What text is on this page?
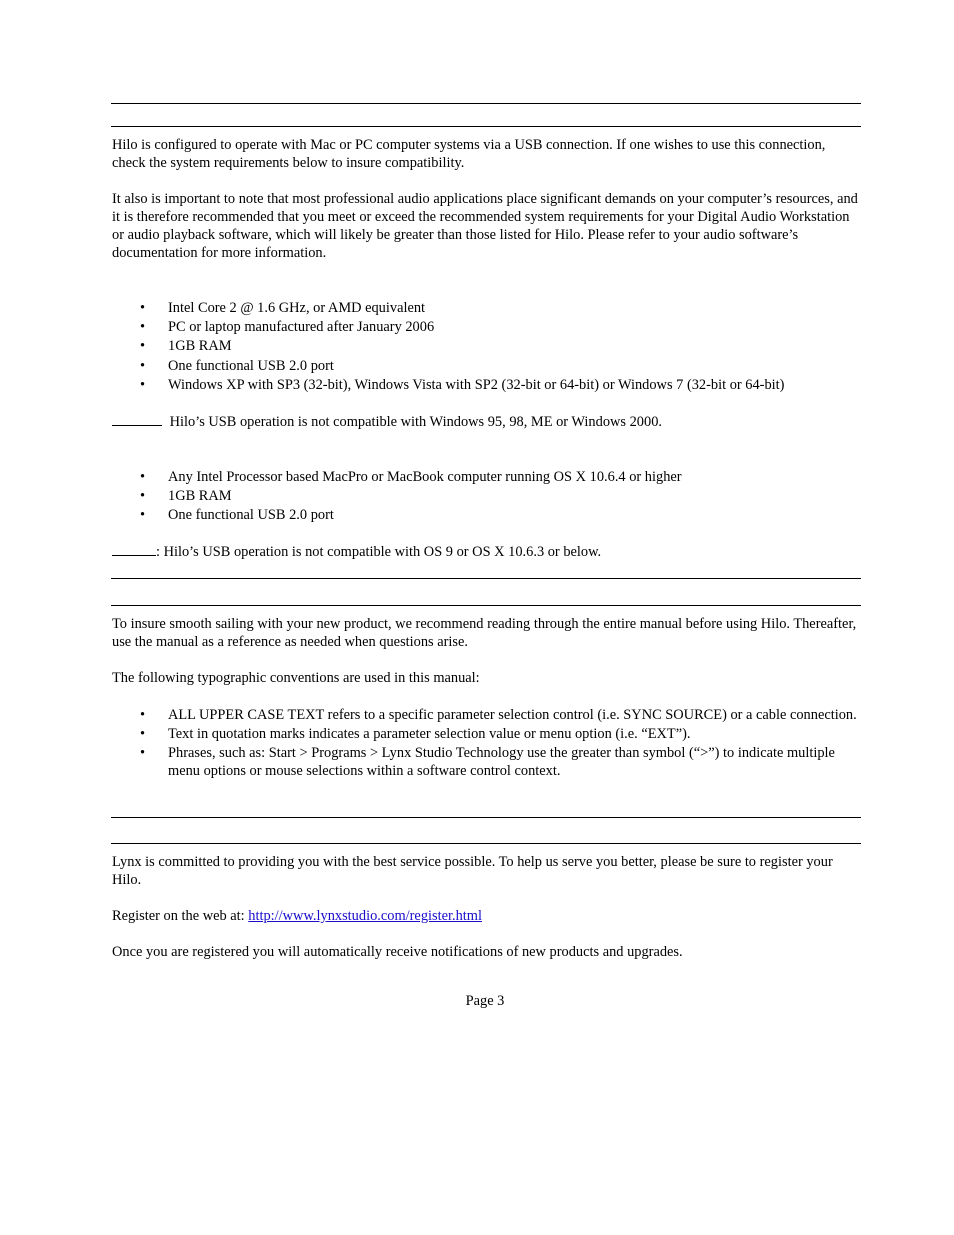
Hilo is configured to operate with Mac or PC computer systems via a USB connection. If one wishes to use this connection, check the system requirements below to insure compatibility.

It also is important to note that most professional audio applications place significant demands on your computer’s resources, and it is therefore recommended that you meet or exceed the recommended system requirements for your Digital Audio Workstation or audio playback software, which will likely be greater than those listed for Hilo. Please refer to your audio software’s documentation for more information.

• Intel Core 2 @ 1.6 GHz, or AMD equivalent
• PC or laptop manufactured after January 2006
• 1GB RAM
• One functional USB 2.0 port
• Windows XP with SP3 (32-bit), Windows Vista with SP2 (32-bit or 64-bit) or Windows 7 (32-bit or 64-bit)

Hilo’s USB operation is not compatible with Windows 95, 98, ME or Windows 2000.

• Any Intel Processor based MacPro or MacBook computer running OS X 10.6.4 or higher
• 1GB RAM
• One functional USB 2.0 port

: Hilo’s USB operation is not compatible with OS 9 or OS X 10.6.3 or below.

To insure smooth sailing with your new product, we recommend reading through the entire manual before using Hilo. Thereafter, use the manual as a reference as needed when questions arise.

The following typographic conventions are used in this manual:

• ALL UPPER CASE TEXT refers to a specific parameter selection control (i.e. SYNC SOURCE) or a cable connection.
• Text in quotation marks indicates a parameter selection value or menu option (i.e. “EXT”).
• Phrases, such as: Start > Programs > Lynx Studio Technology use the greater than symbol (“>”) to indicate multiple menu options or mouse selections within a software control context.

Lynx is committed to providing you with the best service possible. To help us serve you better, please be sure to register your Hilo.

Register on the web at: http://www.lynxstudio.com/register.html

Once you are registered you will automatically receive notifications of new products and upgrades.

Page 3
